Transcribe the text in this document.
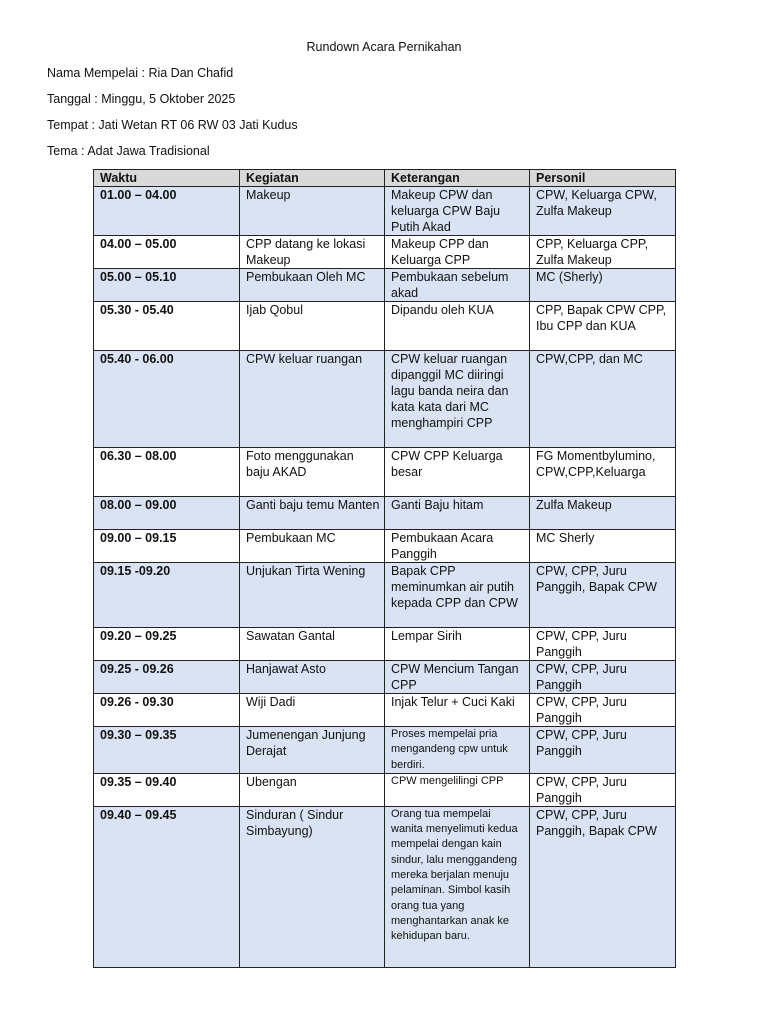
Rundown Acara Pernikahan
Nama Mempelai : Ria Dan Chafid
Tanggal : Minggu, 5 Oktober 2025
Tempat : Jati Wetan RT 06 RW 03 Jati Kudus
Tema : Adat Jawa Tradisional
Waktu	Kegiatan	Keterangan	Personil
01.00 – 04.00	Makeup	Makeup CPW dan keluarga CPW Baju Putih Akad	CPW, Keluarga CPW, Zulfa Makeup
04.00 – 05.00	CPP datang ke lokasi Makeup	Makeup CPP dan Keluarga CPP	CPP, Keluarga CPP, Zulfa Makeup
05.00 – 05.10	Pembukaan Oleh MC	Pembukaan sebelum akad	MC (Sherly)
05.30 - 05.40	Ijab Qobul	Dipandu oleh KUA	CPP, Bapak CPW CPP, Ibu CPP dan KUA
05.40 - 06.00	CPW keluar ruangan	CPW keluar ruangan dipanggil MC diiringi lagu banda neira dan kata kata dari MC menghampiri CPP	CPW,CPP, dan MC
06.30 – 08.00	Foto menggunakan baju AKAD	CPW CPP Keluarga besar	FG Momentbylumino, CPW,CPP,Keluarga
08.00 – 09.00	Ganti baju temu Manten	Ganti Baju hitam	Zulfa Makeup
09.00 – 09.15	Pembukaan MC	Pembukaan Acara Panggih	MC Sherly
09.15 -09.20	Unjukan Tirta Wening	Bapak CPP meminumkan air putih kepada CPP dan CPW	CPW, CPP, Juru Panggih, Bapak CPW
09.20 – 09.25	Sawatan Gantal	Lempar Sirih	CPW, CPP, Juru Panggih
09.25 - 09.26	Hanjawat Asto	CPW Mencium Tangan CPP	CPW, CPP, Juru Panggih
09.26 - 09.30	Wiji Dadi	Injak Telur + Cuci Kaki	CPW, CPP, Juru Panggih
09.30 – 09.35	Jumenengan Junjung Derajat	Proses mempelai pria mengandeng cpw untuk berdiri.	CPW, CPP, Juru Panggih
09.35 – 09.40	Ubengan	CPW mengelilingi CPP	CPW, CPP, Juru Panggih
09.40 – 09.45	Sinduran ( Sindur Simbayung)	Orang tua mempelai wanita menyelimuti kedua mempelai dengan kain sindur, lalu menggandeng mereka berjalan menuju pelaminan. Simbol kasih orang tua yang menghantarkan anak ke kehidupan baru.	CPW, CPP, Juru Panggih, Bapak CPW
